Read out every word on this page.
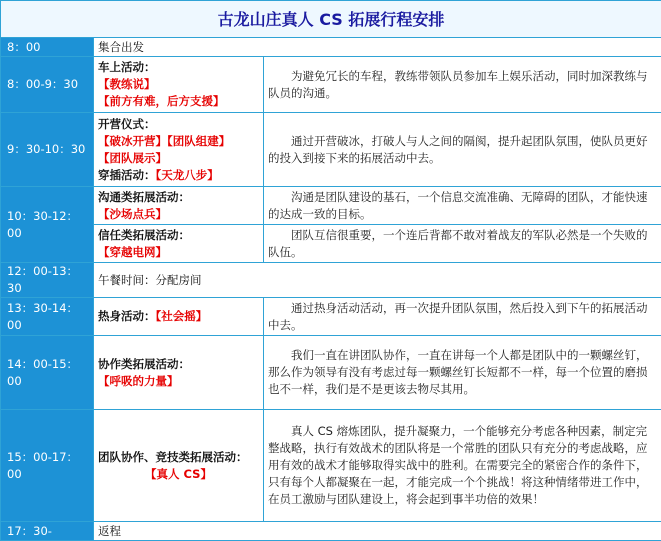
古龙山庄真人 CS 拓展行程安排		
8：00	集合出发	
8：00-9：30	车上活动：
【教练说】
【前方有难，后方支援】	为避免冗长的车程，教练带领队员参加车上娱乐活动，同时加深教练与队员的沟通。
9：30-10：30	开营仪式：
【破冰开营】【团队组建】
【团队展示】
穿插活动：【天龙八步】	通过开营破冰，打破人与人之间的隔阂，提升起团队氛围，使队员更好的投入到接下来的拓展活动中去。
10：30-12：00	沟通类拓展活动：
【沙场点兵】	沟通是团队建设的基石，一个信息交流准确、无障碍的团队，才能快速的达成一致的目标。

	信任类拓展活动：
【穿越电网】	团队互信很重要，一个连后背都不敢对着战友的军队必然是一个失败的队伍。
12：00-13：30	午餐时间：分配房间	
13：30-14：00	热身活动：【社会摇】	通过热身活动活动，再一次提升团队氛围，然后投入到下午的拓展活动中去。
14：00-15：00	协作类拓展活动：
【呼吸的力量】	我们一直在讲团队协作，一直在讲每一个人都是团队中的一颗螺丝钉，那么作为领导有没有考虑过每一颗螺丝钉长短都不一样，每一个位置的磨损也不一样，我们是不是更该去物尽其用。
15：00-17：00	团队协作、竞技类拓展活动：
【真人 CS】	真人 CS 熔炼团队，提升凝聚力，一个能够充分考虑各种因素，制定完整战略，执行有效战术的团队将是一个常胜的团队只有充分的考虑战略，应用有效的战术才能够取得实战中的胜利。在需要完全的紧密合作的条件下，只有每个人都凝聚在一起，才能完成一个个挑战！将这种情绪带进工作中，在员工激励与团队建设上，将会起到事半功倍的效果！
17：30-	返程	
